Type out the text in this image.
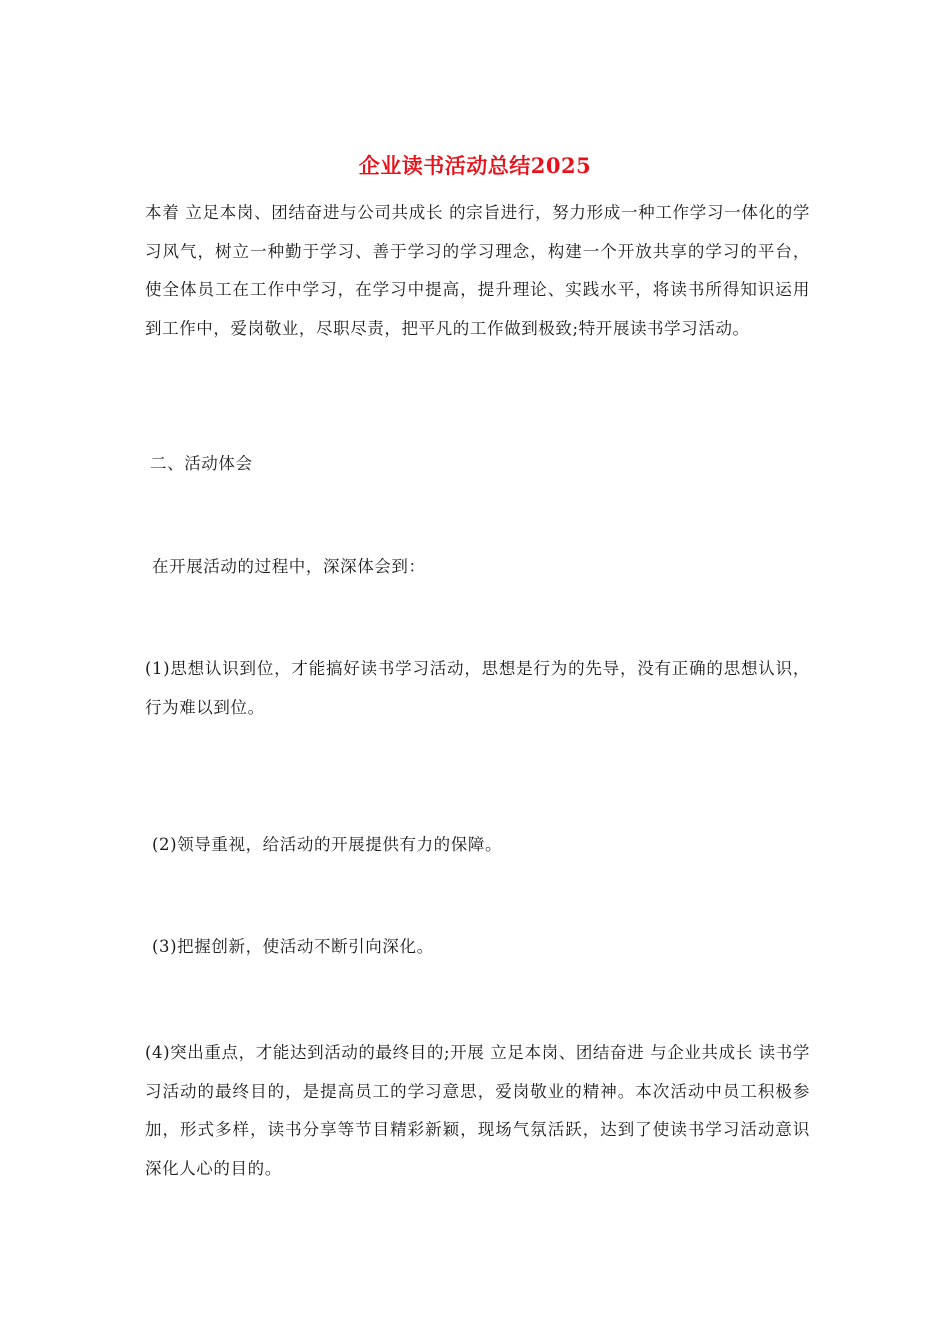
企业读书活动总结2025
本着 立足本岗、团结奋进与公司共成长 的宗旨进行，努力形成一种工作学习一体化的学习风气，树立一种勤于学习、善于学习的学习理念，构建一个开放共享的学习的平台，使全体员工在工作中学习，在学习中提高，提升理论、实践水平，将读书所得知识运用到工作中，爱岗敬业，尽职尽责，把平凡的工作做到极致;特开展读书学习活动。
二、活动体会
在开展活动的过程中，深深体会到：
(1)思想认识到位，才能搞好读书学习活动，思想是行为的先导，没有正确的思想认识，行为难以到位。
(2)领导重视，给活动的开展提供有力的保障。
(3)把握创新，使活动不断引向深化。
(4)突出重点，才能达到活动的最终目的;开展 立足本岗、团结奋进 与企业共成长 读书学习活动的最终目的，是提高员工的学习意思，爱岗敬业的精神。本次活动中员工积极参加，形式多样，读书分享等节目精彩新颖，现场气氛活跃，达到了使读书学习活动意识深化人心的目的。
